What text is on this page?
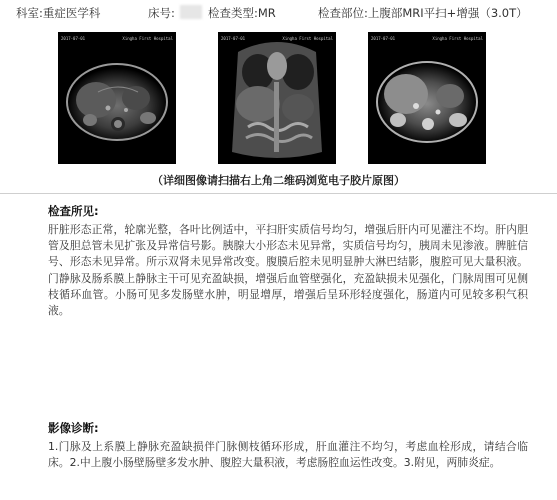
科室:重症医学科	床号:	检查类型:MR	检查部位:上腹部MRI平扫+增强（3.0T）
2017-07-01	Xingha First Hospital	2017-07-01	Xingha First Hospital	2017-07-01	Xingha First Hospital
（详细图像请扫描右上角二维码浏览电子胶片原图）
检查所见:
肝脏形态正常，轮廓光整，各叶比例适中，平扫肝实质信号均匀，增强后肝内可见灌注不均。肝内胆管及胆总管未见扩张及异常信号影。胰腺大小形态未见异常，实质信号均匀，胰周未见渗液。脾脏信号、形态未见异常。所示双肾未见异常改变。腹膜后腔未见明显肿大淋巴结影，腹腔可见大量积液。门静脉及肠系膜上静脉主干可见充盈缺损，增强后血管壁强化，充盈缺损未见强化，门脉周围可见侧枝循环血管。小肠可见多发肠壁水肿，明显增厚，增强后呈环形轻度强化，肠道内可见较多积气积液。
影像诊断:
1.门脉及上系膜上静脉充盈缺损伴门脉侧枝循环形成，肝血灌注不均匀，考虑血栓形成，请结合临床。2.中上腹小肠壁肠壁多发水肿、腹腔大量积液，考虑肠腔血运性改变。3.附见，两肺炎症。
